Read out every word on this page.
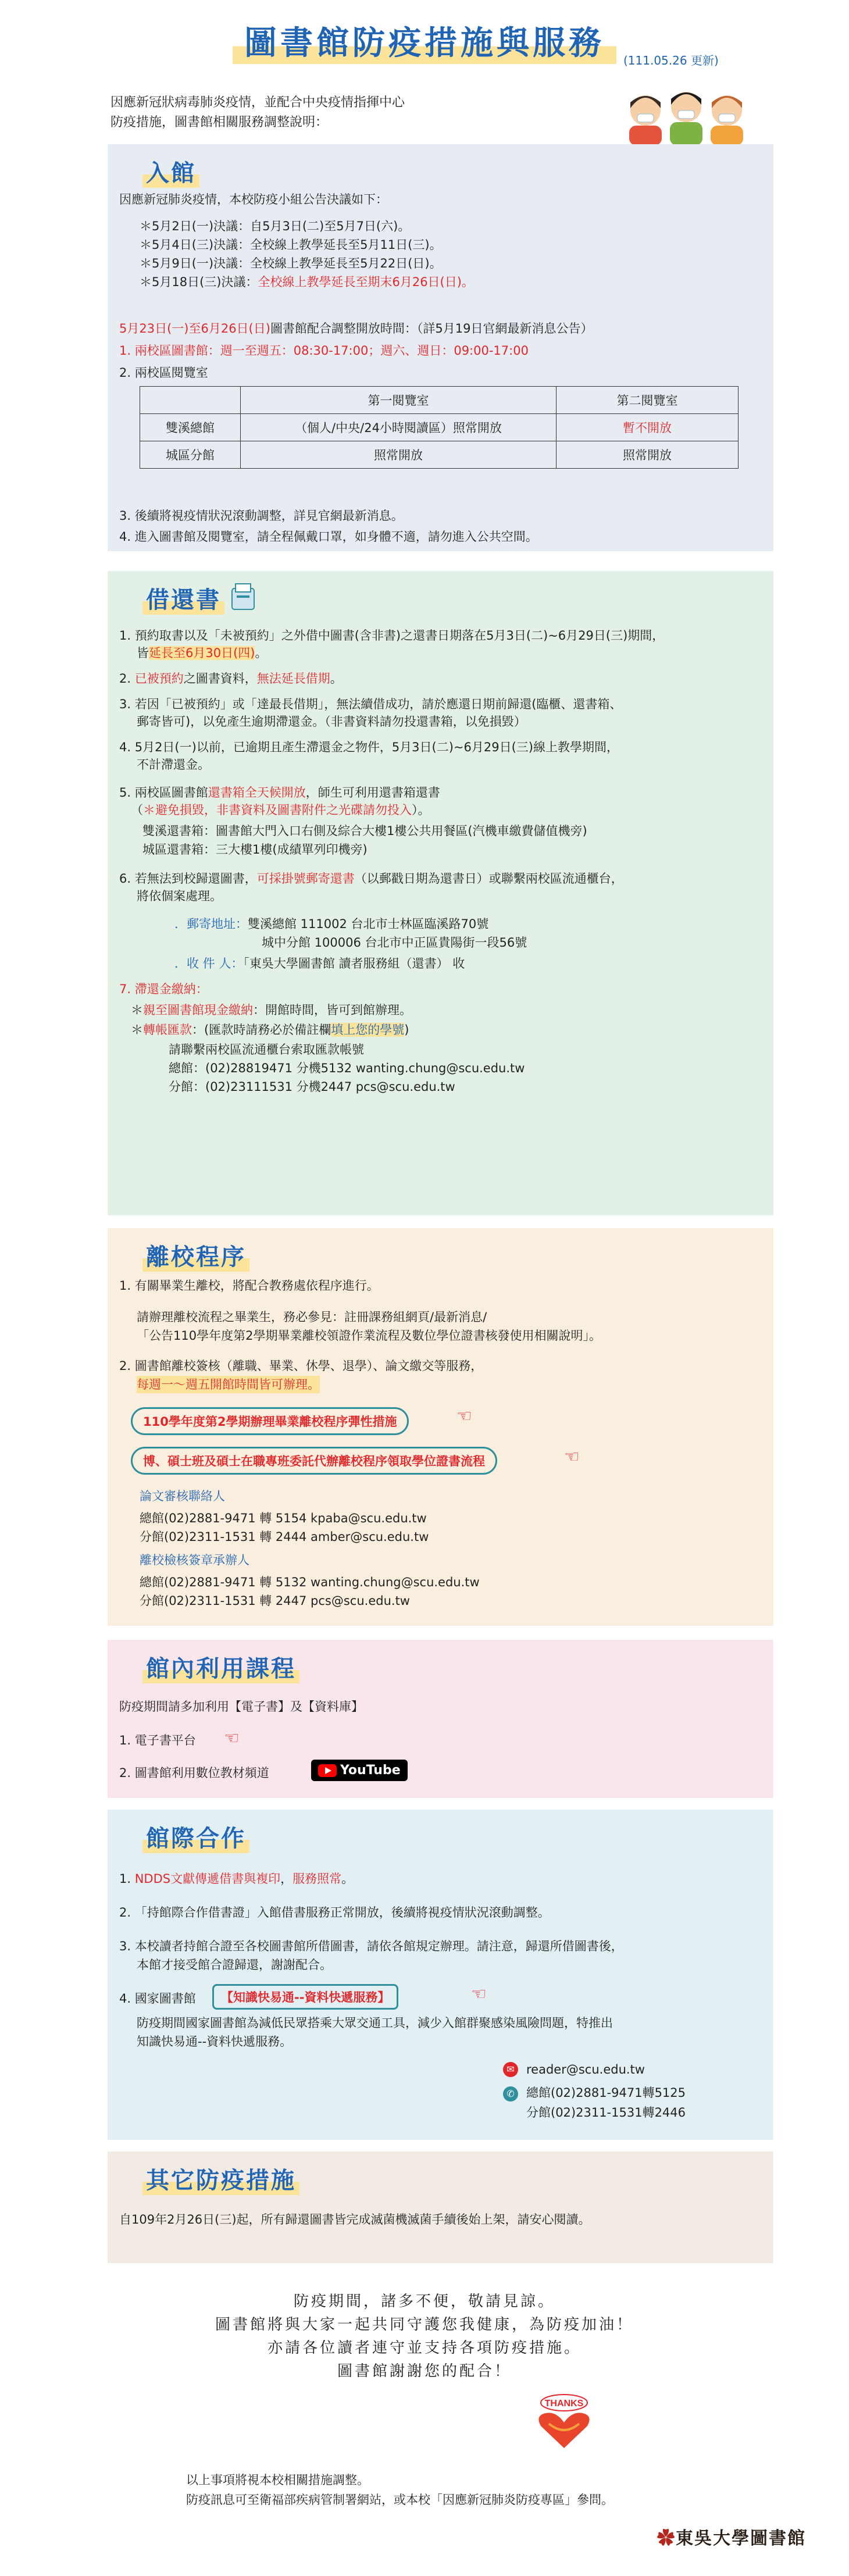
圖書館防疫措施與服務	(111.05.26 更新)
因應新冠狀病毒肺炎疫情，並配合中央疫情指揮中心
防疫措施，圖書館相關服務調整說明：
入館
因應新冠肺炎疫情，本校防疫小組公告決議如下：
＊5月2日(一)決議：自5月3日(二)至5月7日(六)。
＊5月4日(三)決議：全校線上教學延長至5月11日(三)。
＊5月9日(一)決議：全校線上教學延長至5月22日(日)。
＊5月18日(三)決議：全校線上教學延長至期末6月26日(日)。
5月23日(一)至6月26日(日)圖書館配合調整開放時間：（詳5月19日官網最新消息公告）
1. 兩校區圖書館：週一至週五：08:30-17:00；週六、週日：09:00-17:00
2. 兩校區閱覽室
	第一閱覽室	第二閱覽室
雙溪總館	（個人/中央/24小時閱讀區）照常開放	暫不開放
城區分館	照常開放	照常開放
3. 後續將視疫情狀況滾動調整，詳見官網最新消息。
4. 進入圖書館及閱覽室，請全程佩戴口罩，如身體不適，請勿進入公共空間。
借還書
1. 預約取書以及「未被預約」之外借中圖書(含非書)之還書日期落在5月3日(二)~6月29日(三)期間，
皆延長至6月30日(四)。
2. 已被預約之圖書資料，無法延長借期。
3. 若因「已被預約」或「達最長借期」，無法續借成功，請於應還日期前歸還(臨櫃、還書箱、
郵寄皆可)，以免產生逾期滯還金。（非書資料請勿投還書箱，以免損毀）
4. 5月2日(一)以前，已逾期且產生滯還金之物件，5月3日(二)~6月29日(三)線上教學期間，
不計滯還金。
5. 兩校區圖書館還書箱全天候開放，師生可利用還書箱還書
（＊避免損毀，非書資料及圖書附件之光碟請勿投入）。
雙溪還書箱：圖書館大門入口右側及綜合大樓1樓公共用餐區(汽機車繳費儲值機旁)
城區還書箱：三大樓1樓(成績單列印機旁)
6. 若無法到校歸還圖書，可採掛號郵寄還書（以郵戳日期為還書日）或聯繫兩校區流通櫃台，
將依個案處理。
．郵寄地址：雙溪總館 111002 台北市士林區臨溪路70號
城中分館 100006 台北市中正區貴陽街一段56號
．收 件 人：「東吳大學圖書館 讀者服務組（還書） 收
7. 滯還金繳納：
＊親至圖書館現金繳納：開館時間，皆可到館辦理。
＊轉帳匯款：(匯款時請務必於備註欄填上您的學號)
請聯繫兩校區流通櫃台索取匯款帳號
總館：(02)28819471 分機5132 wanting.chung@scu.edu.tw
分館：(02)23111531 分機2447 pcs@scu.edu.tw
離校程序
1. 有關畢業生離校，將配合教務處依程序進行。
請辦理離校流程之畢業生，務必參見：註冊課務組網頁/最新消息/
「公告110學年度第2學期畢業離校領證作業流程及數位學位證書核發使用相關說明」。
2. 圖書館離校簽核（離職、畢業、休學、退學）、論文繳交等服務，
每週一～週五開館時間皆可辦理。
110學年度第2學期辦理畢業離校程序彈性措施	☜
博、碩士班及碩士在職專班委託代辦離校程序領取學位證書流程	☜
論文審核聯絡人
總館(02)2881-9471 轉 5154 kpaba@scu.edu.tw
分館(02)2311-1531 轉 2444 amber@scu.edu.tw
離校檢核簽章承辦人
總館(02)2881-9471 轉 5132 wanting.chung@scu.edu.tw
分館(02)2311-1531 轉 2447 pcs@scu.edu.tw
館內利用課程
防疫期間請多加利用【電子書】及【資料庫】
1. 電子書平台 ☜
2. 圖書館利用數位教材頻道	YouTube
館際合作
1. NDDS文獻傳遞借書與複印，服務照常。
2. 「持館際合作借書證」入館借書服務正常開放，後續將視疫情狀況滾動調整。
3. 本校讀者持館合證至各校圖書館所借圖書，請依各館規定辦理。請注意，歸還所借圖書後，
本館才接受館合證歸還，謝謝配合。
4. 國家圖書館	【知識快易通--資料快遞服務】	☜
防疫期間國家圖書館為減低民眾搭乘大眾交通工具，減少入館群聚感染風險問題，特推出
知識快易通--資料快遞服務。
✉ reader@scu.edu.tw
✆ 總館(02)2881-9471轉5125
分館(02)2311-1531轉2446
其它防疫措施
自109年2月26日(三)起，所有歸還圖書皆完成滅菌機滅菌手續後始上架，請安心閱讀。
防疫期間，諸多不便，敬請見諒。
圖書館將與大家一起共同守護您我健康，為防疫加油！
亦請各位讀者連守並支持各項防疫措施。
圖書館謝謝您的配合！
THANKS
以上事項將視本校相關措施調整。
防疫訊息可至衛福部疾病管制署網站，或本校「因應新冠肺炎防疫專區」參問。
✿東吳大學圖書館
